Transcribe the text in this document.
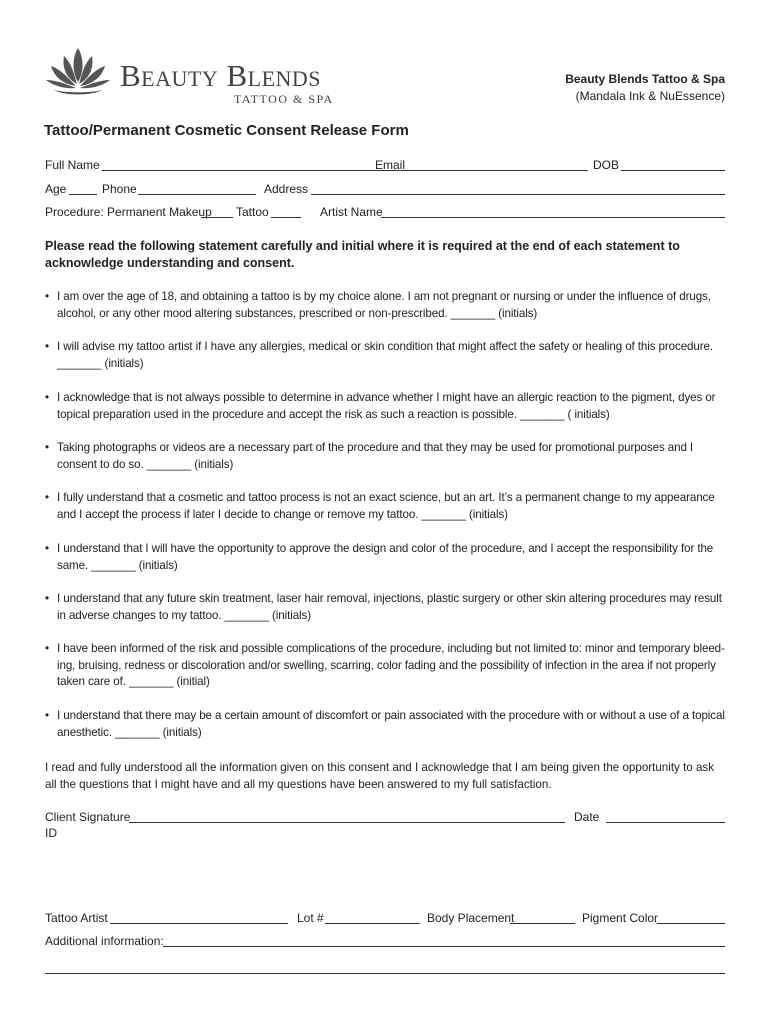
Beauty Blends
TATTOO & SPA
Beauty Blends Tattoo & Spa
(Mandala Ink & NuEssence)
Tattoo/Permanent Cosmetic Consent Release Form
Full Name	Email	DOB
Age	Phone	Address
Procedure: Permanent Makeup Tattoo	Artist Name
Please read the following statement carefully and initial where it is required at the end of each statement to acknowledge understanding and consent.
• I am over the age of 18, and obtaining a tattoo is by my choice alone. I am not pregnant or nursing or under the influence of drugs, alcohol, or any other mood altering substances, prescribed or non-prescribed. _______ (initials)
• I will advise my tattoo artist if I have any allergies, medical or skin condition that might affect the safety or healing of this procedure. _______ (initials)
• I acknowledge that is not always possible to determine in advance whether I might have an allergic reaction to the pigment, dyes or topical preparation used in the procedure and accept the risk as such a reaction is possible. _______ ( initials)
• Taking photographs or videos are a necessary part of the procedure and that they may be used for promotional purposes and I consent to do so. _______ (initials)
• I fully understand that a cosmetic and tattoo process is not an exact science, but an art. It’s a permanent change to my appearance and I accept the process if later I decide to change or remove my tattoo. _______ (initials)
• I understand that I will have the opportunity to approve the design and color of the procedure, and I accept the responsibility for the same. _______ (initials)
• I understand that any future skin treatment, laser hair removal, injections, plastic surgery or other skin altering procedures may result in adverse changes to my tattoo. _______ (initials)
• I have been informed of the risk and possible complications of the procedure, including but not limited to: minor and temporary bleed-ing, bruising, redness or discoloration and/or swelling, scarring, color fading and the possibility of infection in the area if not properly taken care of. _______ (initial)
• I understand that there may be a certain amount of discomfort or pain associated with the procedure with or without a use of a topical anesthetic. _______ (initials)
I read and fully understood all the information given on this consent and I acknowledge that I am being given the opportunity to ask all the questions that I might have and all my questions have been answered to my full satisfaction.
Client Signature	Date
ID
Tattoo Artist	Lot #	Body Placement	Pigment Color
Additional information:
